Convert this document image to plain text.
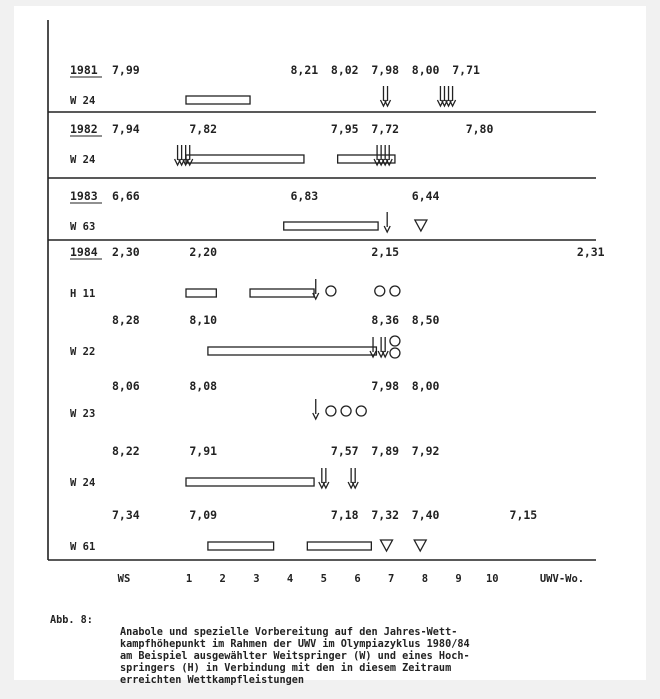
1981
W 24
7,99	8,21 8,02 7,98 8,00 7,71
1982
W 24
7,94	7,82	7,95 7,72	7,80
1983
W 63
6,66	6,83	6,44
1984
H 11
2,30	2,20	2,15	2,31
W 22
8,28	8,10	8,36 8,50
W 23
8,06	8,08	7,98 8,00
W 24
8,22	7,91	7,57 7,89 7,92
W 61
7,34	7,09	7,18 7,32 7,40	7,15
WS	1	2	3	4	5	6	7	8	9 10	UWV-Wo.

Abb. 8:

Anabole und spezielle Vorbereitung auf den Jahres-Wett-
kampfhöhepunkt im Rahmen der UWV im Olympiazyklus 1980/84
am Beispiel ausgewählter Weitspringer (W) und eines Hoch-
springers (H) in Verbindung mit den in diesem Zeitraum
erreichten Wettkampfleistungen
